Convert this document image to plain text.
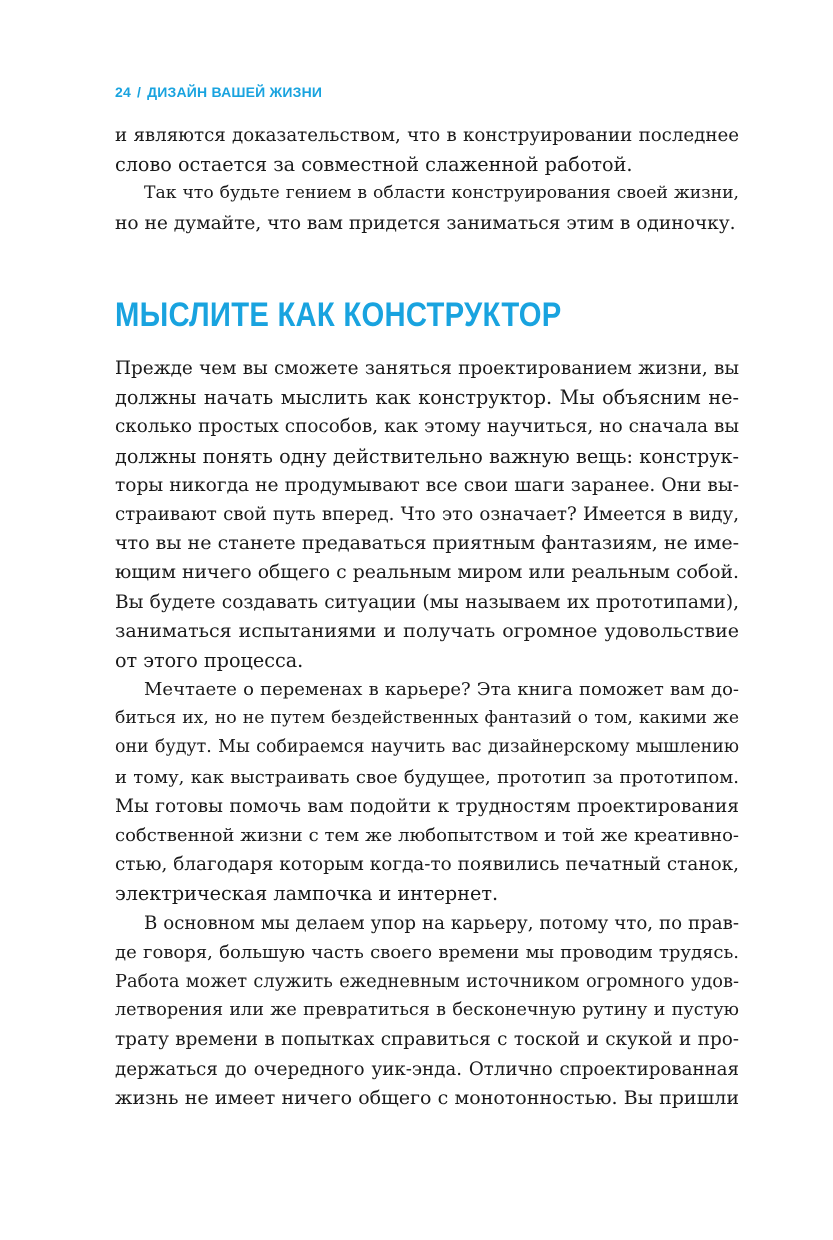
24 / ДИЗАЙН ВАШЕЙ ЖИЗНИ
и являются доказательством, что в конструировании последнее
слово остается за совместной слаженной работой.
Так что будьте гением в области конструирования своей жизни,
но не думайте, что вам придется заниматься этим в одиночку.
МЫСЛИТЕ КАК КОНСТРУКТОР
Прежде чем вы сможете заняться проектированием жизни, вы
должны начать мыслить как конструктор. Мы объясним не-
сколько простых способов, как этому научиться, но сначала вы
должны понять одну действительно важную вещь: конструк-
торы никогда не продумывают все свои шаги заранее. Они вы-
страивают свой путь вперед. Что это означает? Имеется в виду,
что вы не станете предаваться приятным фантазиям, не име-
ющим ничего общего с реальным миром или реальным собой.
Вы будете создавать ситуации (мы называем их прототипами),
заниматься испытаниями и получать огромное удовольствие
от этого процесса.
Мечтаете о переменах в карьере? Эта книга поможет вам до-
биться их, но не путем бездейственных фантазий о том, какими же
они будут. Мы собираемся научить вас дизайнерскому мышлению
и тому, как выстраивать свое будущее, прототип за прототипом.
Мы готовы помочь вам подойти к трудностям проектирования
собственной жизни с тем же любопытством и той же креативно-
стью, благодаря которым когда-то появились печатный станок,
электрическая лампочка и интернет.
В основном мы делаем упор на карьеру, потому что, по прав-
де говоря, большую часть своего времени мы проводим трудясь.
Работа может служить ежедневным источником огромного удов-
летворения или же превратиться в бесконечную рутину и пустую
трату времени в попытках справиться с тоской и скукой и про-
держаться до очередного уик-энда. Отлично спроектированная
жизнь не имеет ничего общего с монотонностью. Вы пришли
